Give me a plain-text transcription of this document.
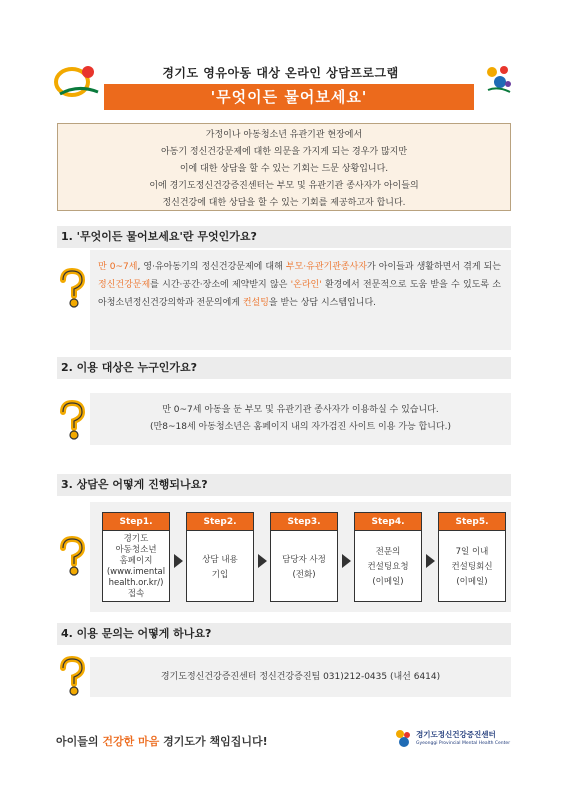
경기도 영유아동 대상 온라인 상담프로그램
'무엇이든 물어보세요'
가정이나 아동청소년 유관기관 현장에서
아동기 정신건강문제에 대한 의문을 가지게 되는 경우가 많지만
이에 대한 상담을 할 수 있는 기회는 드문 상황입니다.
이에 경기도정신건강증진센터는 부모 및 유관기관 종사자가 아이들의
정신건강에 대한 상담을 할 수 있는 기회를 제공하고자 합니다.
1. '무엇이든 물어보세요'란 무엇인가요?
만 0~7세, 영·유아동기의 정신건강문제에 대해 부모·유관기관종사자가 아이들과 생활하면서 겪게 되는 정신건강문제를 시간·공간·장소에 제약받지 않은 '온라인' 환경에서 전문적으로 도움 받을 수 있도록 소아청소년정신건강의학과 전문의에게 컨설팅을 받는 상담 시스템입니다.
2. 이용 대상은 누구인가요?
만 0~7세 아동을 둔 부모 및 유관기관 종사자가 이용하실 수 있습니다.
(만8~18세 아동청소년은 홈페이지 내의 자가검진 사이트 이용 가능 합니다.)
3. 상담은 어떻게 진행되나요?
Step1.
경기도
아동청소년
홈페이지
(www.imental
health.or.kr/)
접속
Step2.
상담 내용
기입
Step3.
담당자 사정
(전화)
Step4.
전문의
컨설팅요청
(이메일)
Step5.
7일 이내
컨설팅회신
(이메일)
4. 이용 문의는 어떻게 하나요?
경기도정신건강증진센터 정신건강증진팀 031)212-0435 (내선 6414)
아이들의 건강한 마음 경기도가 책임집니다!
경기도정신건강증진센터
Gyeonggi Provincial Mental Health Center
